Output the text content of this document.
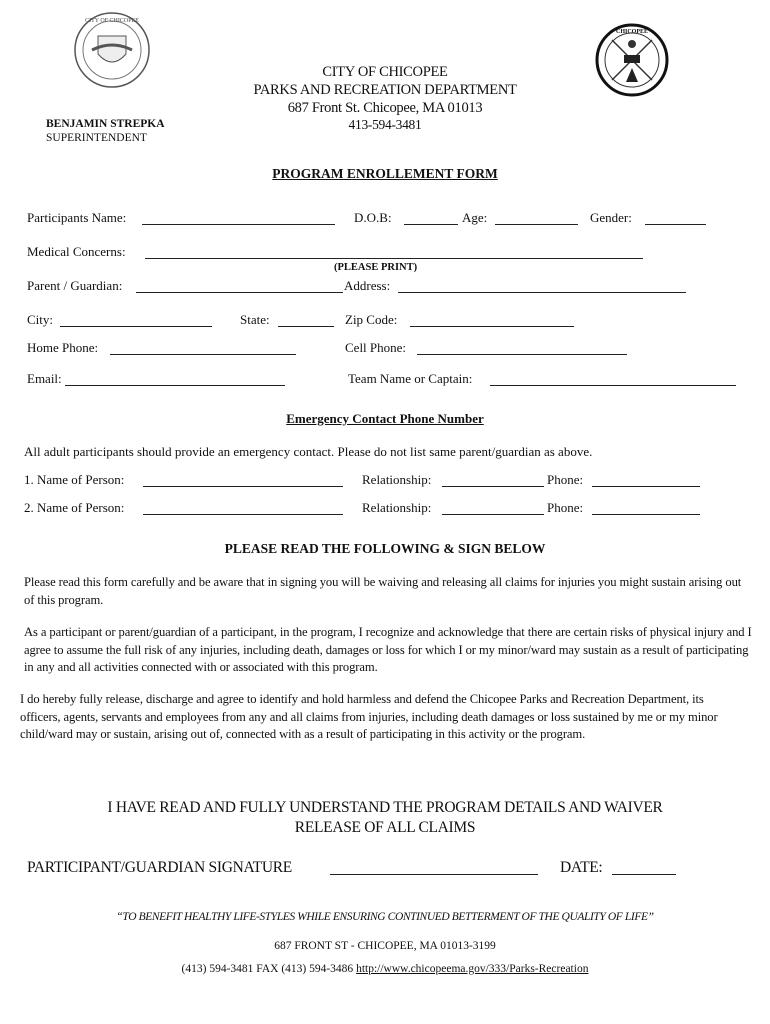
CITY OF CHICOPEE
CHICOPEE
CITY OF CHICOPEE
PARKS AND RECREATION DEPARTMENT
687 Front St. Chicopee, MA 01013
413-594-3481
BENJAMIN STREPKA
SUPERINTENDENT
PROGRAM ENROLLEMENT FORM
Participants Name:	D.O.B:	Age:	Gender:
Medical Concerns:
(PLEASE PRINT)
Parent / Guardian:	Address:
City:	State:	Zip Code:
Home Phone:	Cell Phone:
Email:	Team Name or Captain:
Emergency Contact Phone Number
All adult participants should provide an emergency contact. Please do not list same parent/guardian as above.
1. Name of Person:	Relationship:	Phone:
2. Name of Person:	Relationship:	Phone:
PLEASE READ THE FOLLOWING & SIGN BELOW
Please read this form carefully and be aware that in signing you will be waiving and releasing all claims for injuries you might sustain arising out of this program.
As a participant or parent/guardian of a participant, in the program, I recognize and acknowledge that there are certain risks of physical injury and I agree to assume the full risk of any injuries, including death, damages or loss for which I or my minor/ward may sustain as a result of participating in any and all activities connected with or associated with this program.
I do hereby fully release, discharge and agree to identify and hold harmless and defend the Chicopee Parks and Recreation Department, its officers, agents, servants and employees from any and all claims from injuries, including death damages or loss sustained by me or my minor child/ward may or sustain, arising out of, connected with as a result of participating in this activity or the program.
I HAVE READ AND FULLY UNDERSTAND THE PROGRAM DETAILS AND WAIVER
RELEASE OF ALL CLAIMS
PARTICIPANT/GUARDIAN SIGNATURE	DATE:
“TO BENEFIT HEALTHY LIFE-STYLES WHILE ENSURING CONTINUED BETTERMENT OF THE QUALITY OF LIFE”
687 FRONT ST - CHICOPEE, MA 01013-3199
(413) 594-3481 FAX (413) 594-3486 http://www.chicopeema.gov/333/Parks-Recreation
